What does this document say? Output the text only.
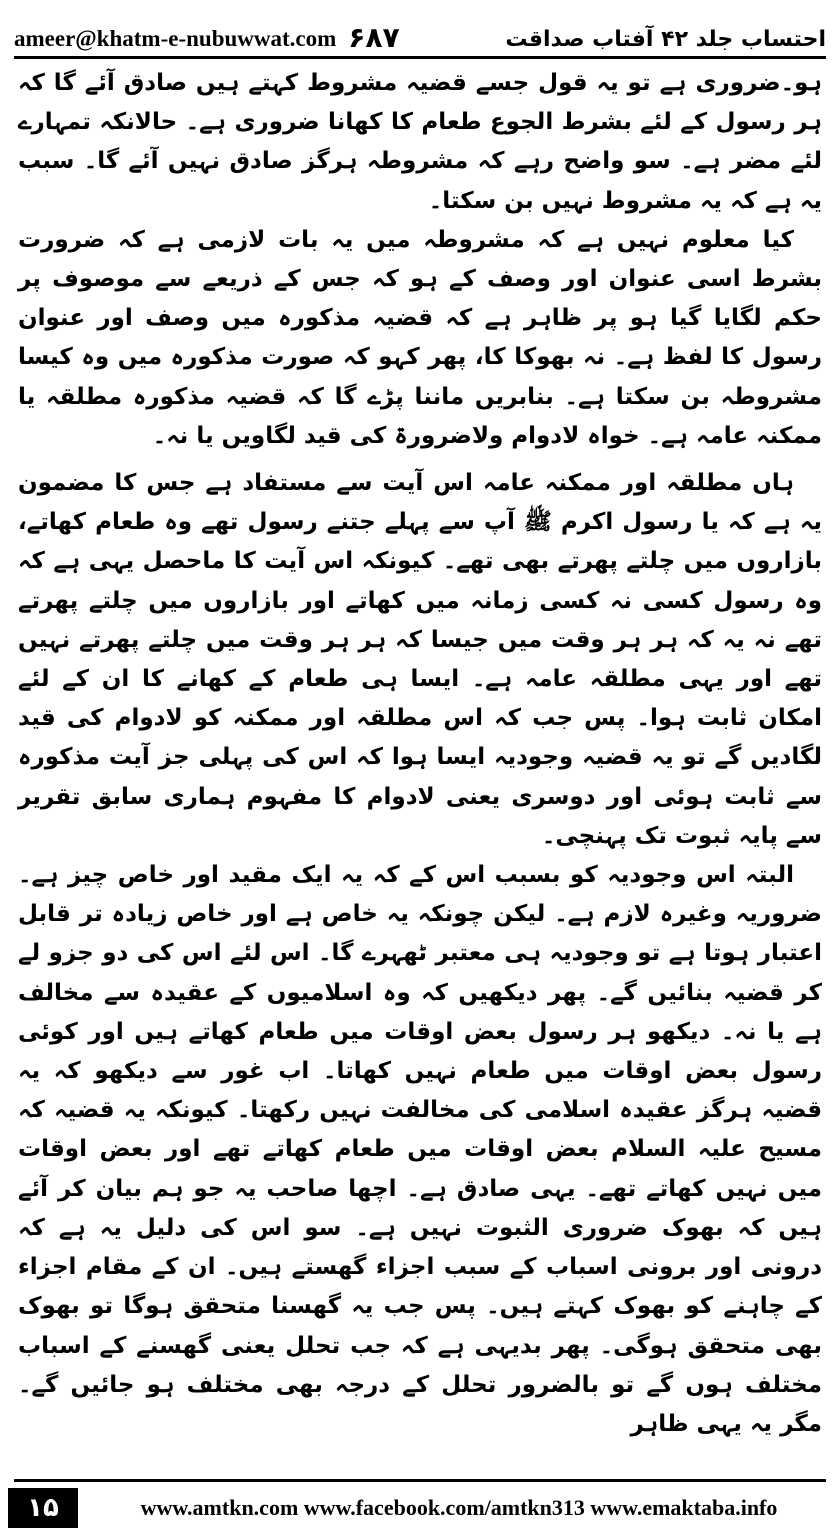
ameer@khatm-e-nubuwwat.com ۶۸۷	احتساب جلد ۴۲ آفتاب صداقت

ہو۔ضروری ہے تو یہ قول جسے قضیہ مشروط کہتے ہیں صادق آئے گا کہ ہر رسول کے لئے بشرط الجوع طعام کا کھانا ضروری ہے۔ حالانکہ تمہارے لئے مضر ہے۔ سو واضح رہے کہ مشروطہ ہرگز صادق نہیں آئے گا۔ سبب یہ ہے کہ یہ مشروط نہیں بن سکتا۔

کیا معلوم نہیں ہے کہ مشروطہ میں یہ بات لازمی ہے کہ ضرورت بشرط اسی عنوان اور وصف کے ہو کہ جس کے ذریعے سے موصوف پر حکم لگایا گیا ہو پر ظاہر ہے کہ قضیہ مذکورہ میں وصف اور عنوان رسول کا لفظ ہے۔ نہ بھوکا کا، پھر کہو کہ صورت مذکورہ میں وہ کیسا مشروطہ بن سکتا ہے۔ بنابریں ماننا پڑے گا کہ قضیہ مذکورہ مطلقہ یا ممکنہ عامہ ہے۔ خواہ لادوام ولاضرورۃ کی قید لگاویں یا نہ۔

ہاں مطلقہ اور ممکنہ عامہ اس آیت سے مستفاد ہے جس کا مضمون یہ ہے کہ یا رسول اکرم ﷺ آپ سے پہلے جتنے رسول تھے وہ طعام کھاتے، بازاروں میں چلتے پھرتے بھی تھے۔ کیونکہ اس آیت کا ماحصل یہی ہے کہ وہ رسول کسی نہ کسی زمانہ میں کھاتے اور بازاروں میں چلتے پھرتے تھے نہ یہ کہ ہر ہر وقت میں جیسا کہ ہر ہر وقت میں چلتے پھرتے نہیں تھے اور یہی مطلقہ عامہ ہے۔ ایسا ہی طعام کے کھانے کا ان کے لئے امکان ثابت ہوا۔ پس جب کہ اس مطلقہ اور ممکنہ کو لادوام کی قید لگادیں گے تو یہ قضیہ وجودیہ ایسا ہوا کہ اس کی پہلی جز آیت مذکورہ سے ثابت ہوئی اور دوسری یعنی لادوام کا مفہوم ہماری سابق تقریر سے پایہ ثبوت تک پہنچی۔

البتہ اس وجودیہ کو بسبب اس کے کہ یہ ایک مقید اور خاص چیز ہے۔ ضروریہ وغیرہ لازم ہے۔ لیکن چونکہ یہ خاص ہے اور خاص زیادہ تر قابل اعتبار ہوتا ہے تو وجودیہ ہی معتبر ٹھہرے گا۔ اس لئے اس کی دو جزو لے کر قضیہ بنائیں گے۔ پھر دیکھیں کہ وہ اسلامیوں کے عقیدہ سے مخالف ہے یا نہ۔ دیکھو ہر رسول بعض اوقات میں طعام کھاتے ہیں اور کوئی رسول بعض اوقات میں طعام نہیں کھاتا۔ اب غور سے دیکھو کہ یہ قضیہ ہرگز عقیدہ اسلامی کی مخالفت نہیں رکھتا۔ کیونکہ یہ قضیہ کہ مسیح علیہ السلام بعض اوقات میں طعام کھاتے تھے اور بعض اوقات میں نہیں کھاتے تھے۔ یہی صادق ہے۔ اچھا صاحب یہ جو ہم بیان کر آئے ہیں کہ بھوک ضروری الثبوت نہیں ہے۔ سو اس کی دلیل یہ ہے کہ درونی اور برونی اسباب کے سبب اجزاء گھستے ہیں۔ ان کے مقام اجزاء کے چاہنے کو بھوک کہتے ہیں۔ پس جب یہ گھسنا متحقق ہوگا تو بھوک بھی متحقق ہوگی۔ پھر بدیہی ہے کہ جب تحلل یعنی گھسنے کے اسباب مختلف ہوں گے تو بالضرور تحلل کے درجہ بھی مختلف ہو جائیں گے۔ مگر یہ یہی ظاہر

۱۵	www.amtkn.com www.facebook.com/amtkn313 www.emaktaba.info
